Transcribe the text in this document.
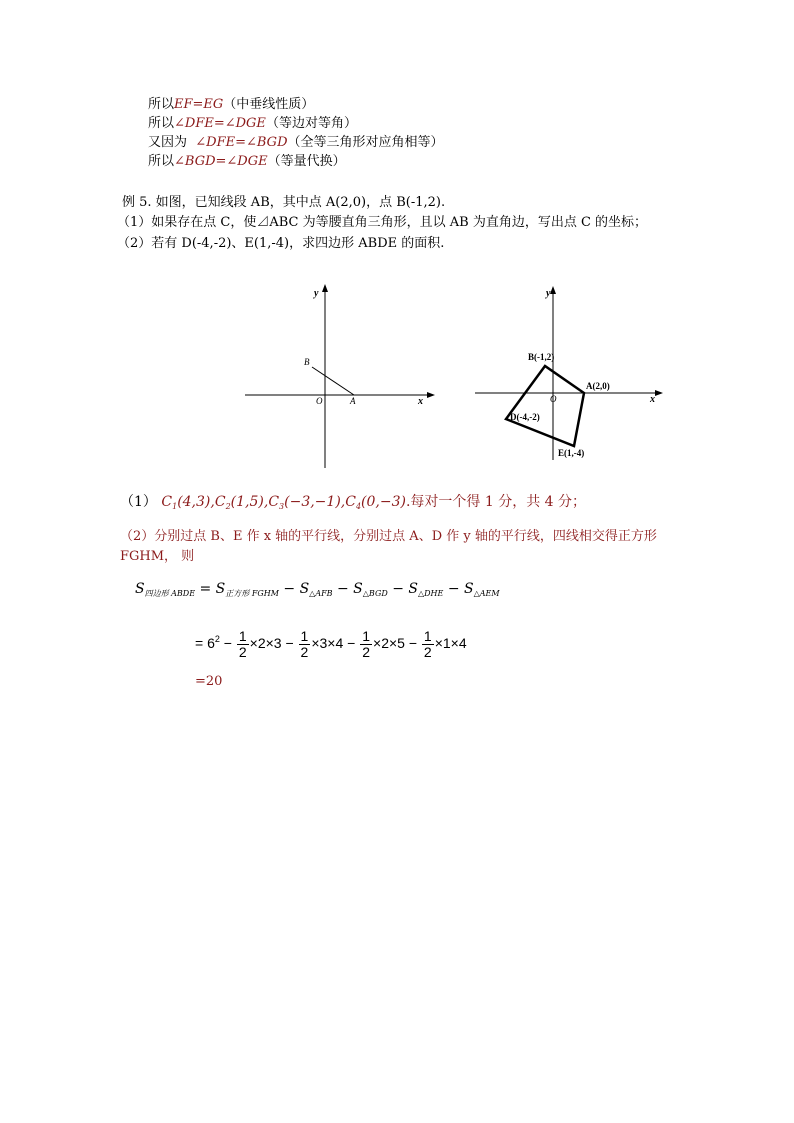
所以EF=EG（中垂线性质）
所以∠DFE=∠DGE（等边对等角）
又因为 ∠DFE=∠BGD（全等三角形对应角相等）
所以∠BGD=∠DGE（等量代换）
例 5. 如图，已知线段 AB，其中点 A(2,0)，点 B(-1,2).
（1）如果存在点 C，使⊿ABC 为等腰直角三角形，且以 AB 为直角边，写出点 C 的坐标；
（2）若有 D(-4,-2)、E(1,-4)，求四边形 ABDE 的面积.
y
x
O	A
B
y
x
O
A(2,0)
B(-1,2)
D(-4,-2)
E(1,-4)
（1） $C_1(4,3),C_2(1,5),C_3(-3,-1),C_4(0,-3)$.每对一个得 1 分，共 4 分；
（2）分别过点 B、E 作 x 轴的平行线，分别过点 A、D 作 y 轴的平行线，四线相交得正方形
FGHM， 则
$S_{四边形 ABDE} = S_{正方形 FGHM} - S_{\triangle AFB} - S_{\triangle BGD} - S_{\triangle DHE} - S_{\triangle AEM}$
= $6^2 - \frac{1}{2} \times 2\times 3 - \frac{1}{2} \times 3\times 4 - \frac{1}{2} \times 2\times 5 - \frac{1}{2} \times 1\times 4$
=20
